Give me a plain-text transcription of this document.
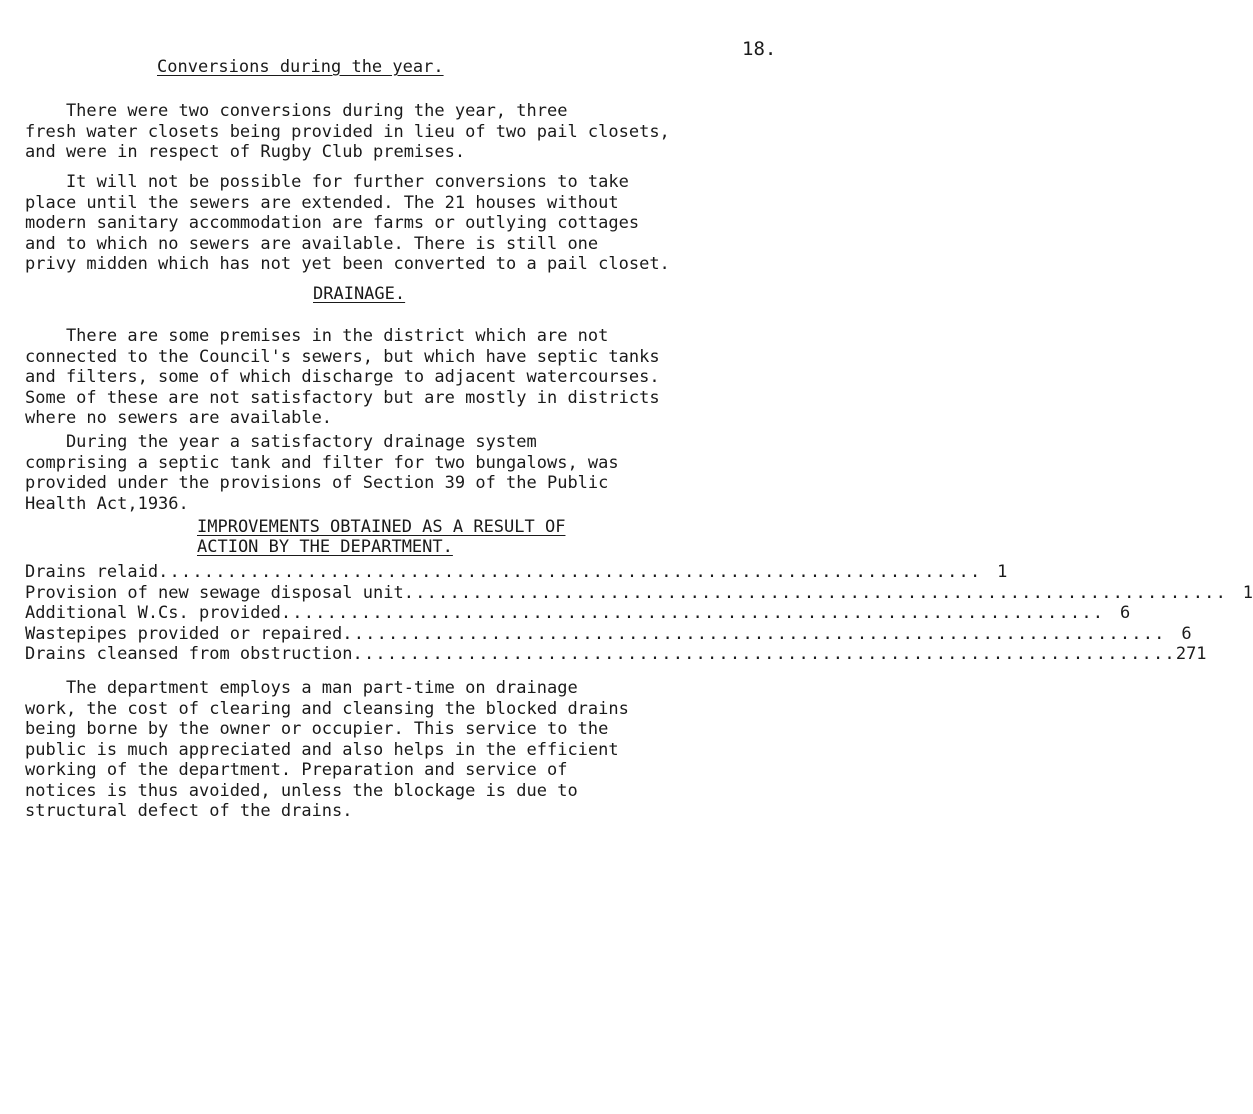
18.
Conversions during the year.
There were two conversions during the year, three
fresh water closets being provided in lieu of two pail closets,
and were in respect of Rugby Club premises.
It will not be possible for further conversions to take
place until the sewers are extended. The 21 houses without
modern sanitary accommodation are farms or outlying cottages
and to which no sewers are available. There is still one
privy midden which has not yet been converted to a pail closet.
DRAINAGE.
There are some premises in the district which are not
connected to the Council's sewers, but which have septic tanks
and filters, some of which discharge to adjacent watercourses.
Some of these are not satisfactory but are mostly in districts
where no sewers are available.
During the year a satisfactory drainage system
comprising a septic tank and filter for two bungalows, was
provided under the provisions of Section 39 of the Public
Health Act,1936.
IMPROVEMENTS OBTAINED AS A RESULT OF
ACTION BY THE DEPARTMENT.
Drains relaid ........................................................................ 1
Provision of new sewage disposal unit ........................................................................ 1
Additional W.Cs. provided ........................................................................ 6
Wastepipes provided or repaired ........................................................................ 6
Drains cleansed from obstruction ........................................................................ 271
The department employs a man part-time on drainage
work, the cost of clearing and cleansing the blocked drains
being borne by the owner or occupier. This service to the
public is much appreciated and also helps in the efficient
working of the department. Preparation and service of
notices is thus avoided, unless the blockage is due to
structural defect of the drains.
